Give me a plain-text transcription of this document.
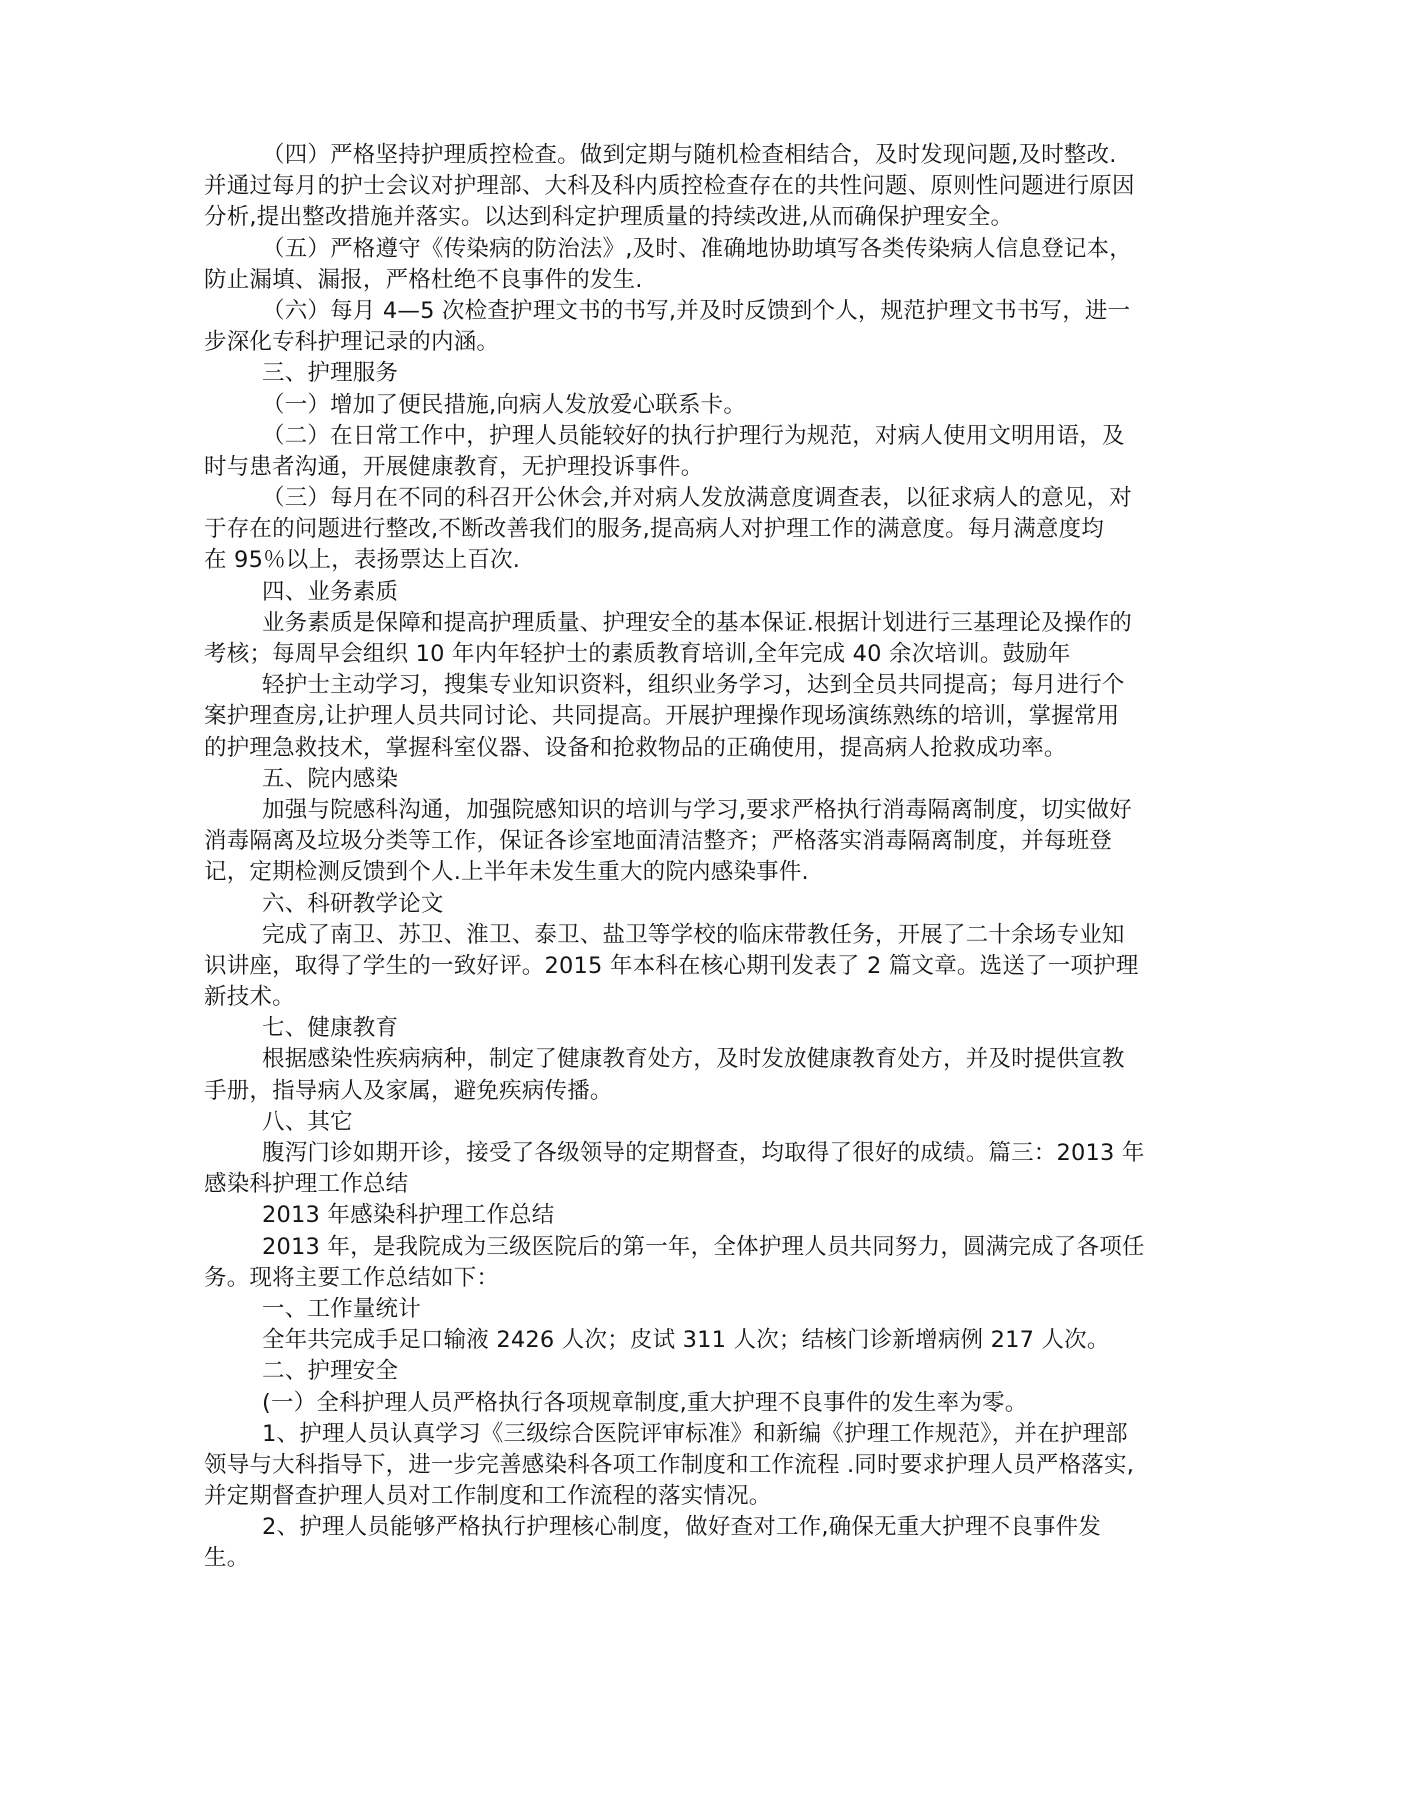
（四）严格坚持护理质控检查。做到定期与随机检查相结合，及时发现问题,及时整改.
并通过每月的护士会议对护理部、大科及科内质控检查存在的共性问题、原则性问题进行原因
分析,提出整改措施并落实。以达到科定护理质量的持续改进,从而确保护理安全。
（五）严格遵守《传染病的防治法》,及时、准确地协助填写各类传染病人信息登记本，
防止漏填、漏报，严格杜绝不良事件的发生.
（六）每月 4—5 次检查护理文书的书写,并及时反馈到个人，规范护理文书书写，进一
步深化专科护理记录的内涵。
三、护理服务
（一）增加了便民措施,向病人发放爱心联系卡。
（二）在日常工作中，护理人员能较好的执行护理行为规范，对病人使用文明用语，及
时与患者沟通，开展健康教育，无护理投诉事件。
（三）每月在不同的科召开公休会,并对病人发放满意度调查表，以征求病人的意见，对
于存在的问题进行整改,不断改善我们的服务,提高病人对护理工作的满意度。每月满意度均
在 95％以上，表扬票达上百次.
四、业务素质
业务素质是保障和提高护理质量、护理安全的基本保证.根据计划进行三基理论及操作的
考核；每周早会组织 10 年内年轻护士的素质教育培训,全年完成 40 余次培训。鼓励年
轻护士主动学习，搜集专业知识资料，组织业务学习，达到全员共同提高；每月进行个
案护理查房,让护理人员共同讨论、共同提高。开展护理操作现场演练熟练的培训，掌握常用
的护理急救技术，掌握科室仪器、设备和抢救物品的正确使用，提高病人抢救成功率。
五、院内感染
加强与院感科沟通，加强院感知识的培训与学习,要求严格执行消毒隔离制度，切实做好
消毒隔离及垃圾分类等工作，保证各诊室地面清洁整齐；严格落实消毒隔离制度，并每班登
记，定期检测反馈到个人.上半年未发生重大的院内感染事件.
六、科研教学论文
完成了南卫、苏卫、淮卫、泰卫、盐卫等学校的临床带教任务，开展了二十余场专业知
识讲座，取得了学生的一致好评。2015 年本科在核心期刊发表了 2 篇文章。选送了一项护理
新技术。
七、健康教育
根据感染性疾病病种，制定了健康教育处方，及时发放健康教育处方，并及时提供宣教
手册，指导病人及家属，避免疾病传播。
八、其它
腹泻门诊如期开诊，接受了各级领导的定期督查，均取得了很好的成绩。篇三：2013 年
感染科护理工作总结
2013 年感染科护理工作总结
2013 年，是我院成为三级医院后的第一年，全体护理人员共同努力，圆满完成了各项任
务。现将主要工作总结如下：
一、工作量统计
全年共完成手足口输液 2426 人次；皮试 311 人次；结核门诊新增病例 217 人次。
二、护理安全
(一）全科护理人员严格执行各项规章制度,重大护理不良事件的发生率为零。
1、护理人员认真学习《三级综合医院评审标准》和新编《护理工作规范》，并在护理部
领导与大科指导下，进一步完善感染科各项工作制度和工作流程 .同时要求护理人员严格落实,
并定期督查护理人员对工作制度和工作流程的落实情况。
2、护理人员能够严格执行护理核心制度，做好查对工作,确保无重大护理不良事件发
生。
